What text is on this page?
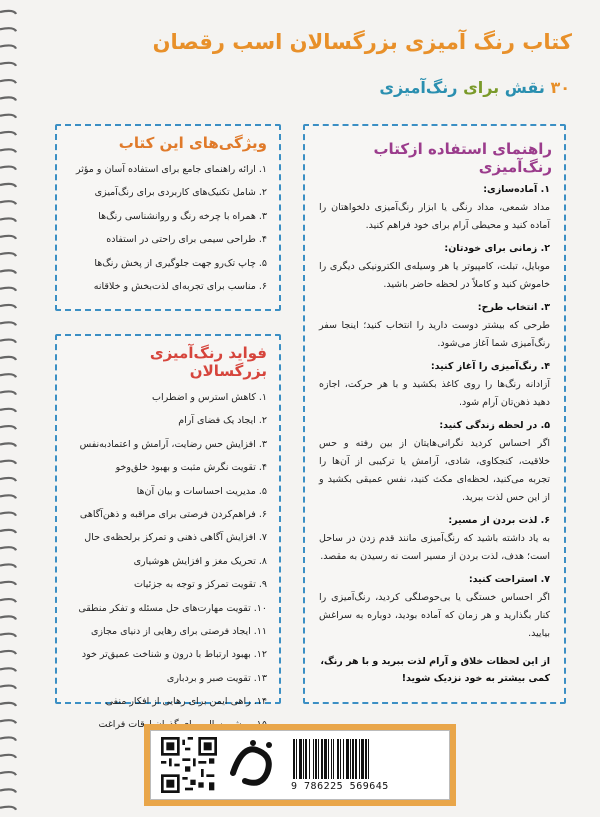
کتاب رنگ آمیزی بزرگسالان اسب رقصان
۳۰ نقش برای رنگ‌آمیزی
ویژگی‌های این کتاب
۱. ارائه راهنمای جامع برای استفاده آسان و مؤثر
۲. شامل تکنیک‌های کاربردی برای رنگ‌آمیزی
۳. همراه با چرخه رنگ و روانشناسی رنگ‌ها
۴. طراحی سیمی برای راحتی در استفاده
۵. چاپ تک‌رو جهت جلوگیری از پخش رنگ‌ها
۶. مناسب برای تجربه‌ای لذت‌بخش و خلاقانه
فواید رنگ‌آمیزی بزرگسالان
۱. کاهش استرس و اضطراب
۲. ایجاد یک فضای آرام
۳. افزایش حس رضایت، آرامش و اعتمادبه‌نفس
۴. تقویت نگرش مثبت و بهبود خلق‌وخو
۵. مدیریت احساسات و بیان آن‌ها
۶. فراهم‌کردن فرصتی برای مراقبه و ذهن‌آگاهی
۷. افزایش آگاهی ذهنی و تمرکز برلحظه‌ی حال
۸. تحریک مغز و افزایش هوشیاری
۹. تقویت تمرکز و توجه به جزئیات
۱۰. تقویت مهارت‌های حل مسئله و تفکر منطقی
۱۱. ایجاد فرصتی برای رهایی از دنیای مجازی
۱۲. بهبود ارتباط با درون و شناخت عمیق‌تر خود
۱۳. تقویت صبر و بردباری
۱۴. راهی ایمن برای رهایی از افکار منفی
۱۵. روشی سالم برای گذران اوقات فراغت
راهنمای استفاده ازکتاب رنگ‌آمیزی
۱. آماده‌سازی:
مداد شمعی، مداد رنگی یا ابزار رنگ‌آمیزی دلخواهتان را آماده کنید و محیطی آرام برای خود فراهم کنید.
۲. زمانی برای خودتان:
موبایل، تبلت، کامپیوتر یا هر وسیله‌ی الکترونیکی دیگری را خاموش کنید و کاملاً در لحظه حاضر باشید.
۳. انتخاب طرح:
طرحی که بیشتر دوست دارید را انتخاب کنید؛ اینجا سفر رنگ‌آمیزی شما آغاز می‌شود.
۴. رنگ‌آمیزی را آغاز کنید:
آزادانه رنگ‌ها را روی کاغذ بکشید و با هر حرکت، اجازه دهید ذهن‌تان آرام شود.
۵. در لحظه زندگی کنید:
اگر احساس کردید نگرانی‌هایتان از بین رفته و حس خلاقیت، کنجکاوی، شادی، آرامش یا ترکیبی از آن‌ها را تجربه می‌کنید، لحظه‌ای مکث کنید، نفس عمیقی بکشید و از این حس لذت ببرید.
۶. لذت بردن از مسیر:
به یاد داشته باشید که رنگ‌آمیزی مانند قدم زدن در ساحل است؛ هدف، لذت بردن از مسیر است نه رسیدن به مقصد.
۷. استراحت کنید:
اگر احساس خستگی یا بی‌حوصلگی کردید، رنگ‌آمیزی را کنار بگذارید و هر زمان که آماده بودید، دوباره به سراغش بیایید.
از این لحظات خلاق و آرام لذت ببرید و با هر رنگ، کمی بیشتر به خود نزدیک شوید!
9 786225 569645
